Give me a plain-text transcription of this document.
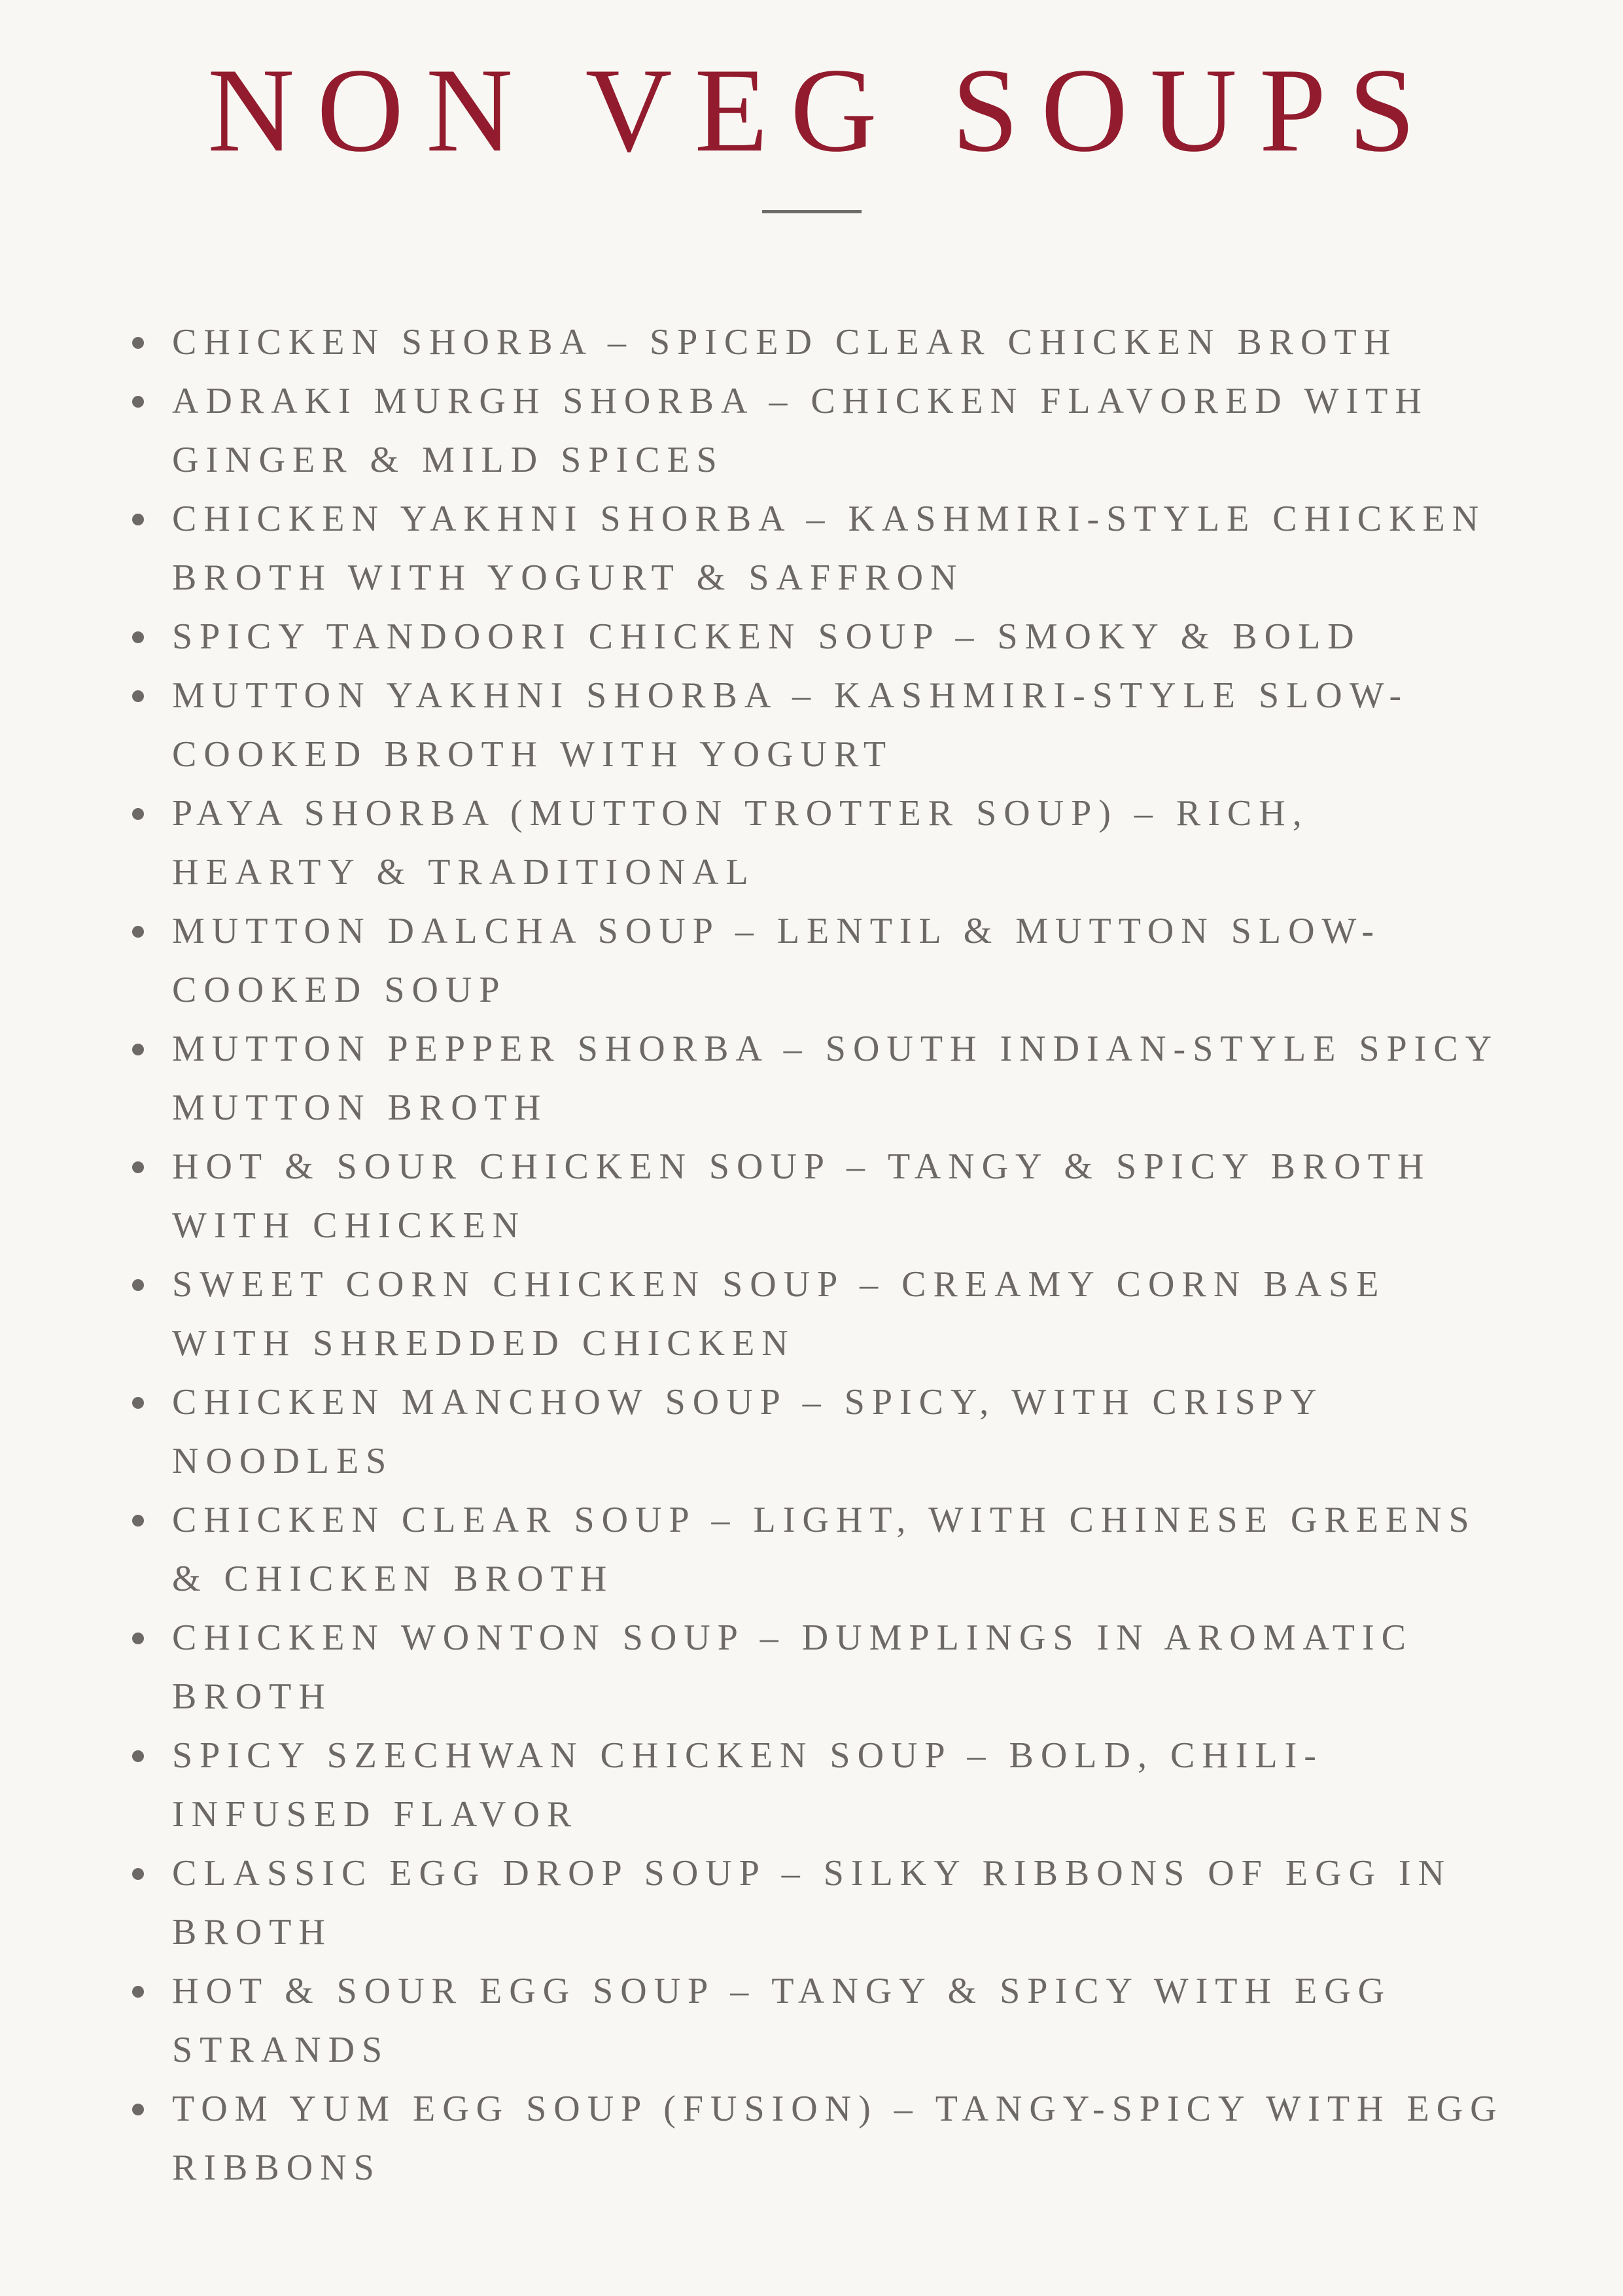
NON VEG SOUPS
CHICKEN SHORBA – SPICED CLEAR CHICKEN BROTH
ADRAKI MURGH SHORBA – CHICKEN FLAVORED WITH GINGER & MILD SPICES
CHICKEN YAKHNI SHORBA – KASHMIRI-STYLE CHICKEN BROTH WITH YOGURT & SAFFRON
SPICY TANDOORI CHICKEN SOUP – SMOKY & BOLD
MUTTON YAKHNI SHORBA – KASHMIRI-STYLE SLOW-COOKED BROTH WITH YOGURT
PAYA SHORBA (MUTTON TROTTER SOUP) – RICH, HEARTY & TRADITIONAL
MUTTON DALCHA SOUP – LENTIL & MUTTON SLOW-COOKED SOUP
MUTTON PEPPER SHORBA – SOUTH INDIAN-STYLE SPICY MUTTON BROTH
HOT & SOUR CHICKEN SOUP – TANGY & SPICY BROTH WITH CHICKEN
SWEET CORN CHICKEN SOUP – CREAMY CORN BASE WITH SHREDDED CHICKEN
CHICKEN MANCHOW SOUP – SPICY, WITH CRISPY NOODLES
CHICKEN CLEAR SOUP – LIGHT, WITH CHINESE GREENS & CHICKEN BROTH
CHICKEN WONTON SOUP – DUMPLINGS IN AROMATIC BROTH
SPICY SZECHWAN CHICKEN SOUP – BOLD, CHILI-INFUSED FLAVOR
CLASSIC EGG DROP SOUP – SILKY RIBBONS OF EGG IN BROTH
HOT & SOUR EGG SOUP – TANGY & SPICY WITH EGG STRANDS
TOM YUM EGG SOUP (FUSION) – TANGY-SPICY WITH EGG RIBBONS
